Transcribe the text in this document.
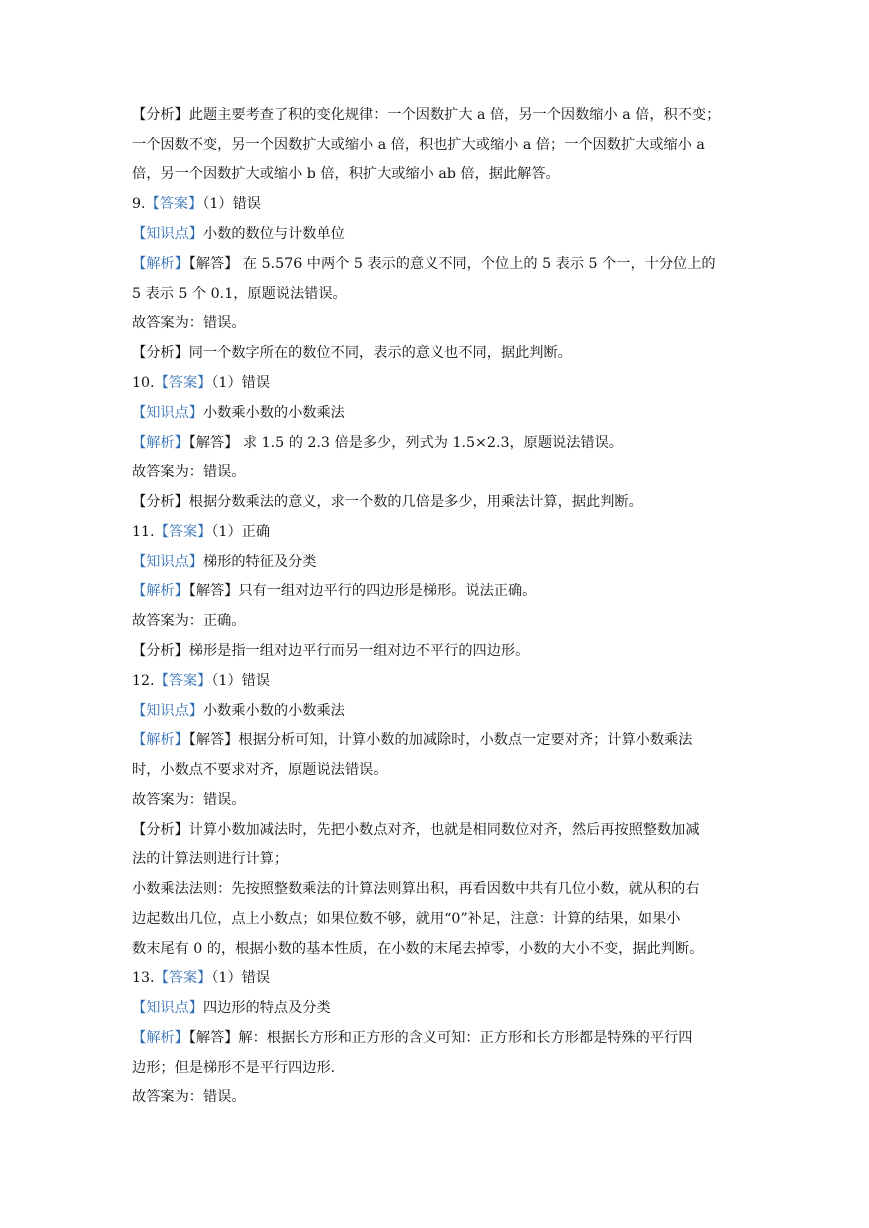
【分析】此题主要考查了积的变化规律：一个因数扩大 a 倍，另一个因数缩小 a 倍，积不变；
一个因数不变，另一个因数扩大或缩小 a 倍，积也扩大或缩小 a 倍；一个因数扩大或缩小 a
倍，另一个因数扩大或缩小 b 倍，积扩大或缩小 ab 倍，据此解答。
9.【答案】（1）错误
【知识点】小数的数位与计数单位
【解析】【解答】 在 5.576 中两个 5 表示的意义不同，个位上的 5 表示 5 个一，十分位上的
5 表示 5 个 0.1，原题说法错误。
故答案为：错误。
【分析】同一个数字所在的数位不同，表示的意义也不同，据此判断。
10.【答案】（1）错误
【知识点】小数乘小数的小数乘法
【解析】【解答】 求 1.5 的 2.3 倍是多少，列式为 1.5×2.3，原题说法错误。
故答案为：错误。
【分析】根据分数乘法的意义，求一个数的几倍是多少，用乘法计算，据此判断。
11.【答案】（1）正确
【知识点】梯形的特征及分类
【解析】【解答】只有一组对边平行的四边形是梯形。说法正确。
故答案为：正确。
【分析】梯形是指一组对边平行而另一组对边不平行的四边形。
12.【答案】（1）错误
【知识点】小数乘小数的小数乘法
【解析】【解答】根据分析可知，计算小数的加减除时，小数点一定要对齐；计算小数乘法
时，小数点不要求对齐，原题说法错误。
故答案为：错误。
【分析】计算小数加减法时，先把小数点对齐，也就是相同数位对齐，然后再按照整数加减
法的计算法则进行计算；
小数乘法法则：先按照整数乘法的计算法则算出积，再看因数中共有几位小数，就从积的右
边起数出几位，点上小数点；如果位数不够，就用“0”补足，注意：计算的结果，如果小
数末尾有 0 的，根据小数的基本性质，在小数的末尾去掉零，小数的大小不变，据此判断。
13.【答案】（1）错误
【知识点】四边形的特点及分类
【解析】【解答】解：根据长方形和正方形的含义可知：正方形和长方形都是特殊的平行四
边形；但是梯形不是平行四边形.
故答案为：错误。
